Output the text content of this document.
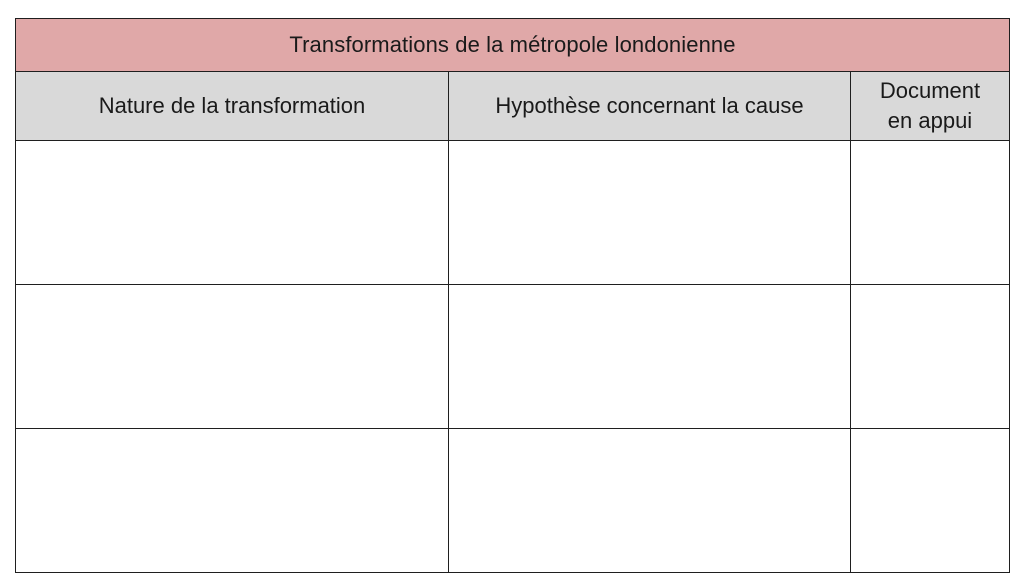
Transformations de la métropole londonienne		
Nature de la transformation	Hypothèse concernant la cause	Document en appui
